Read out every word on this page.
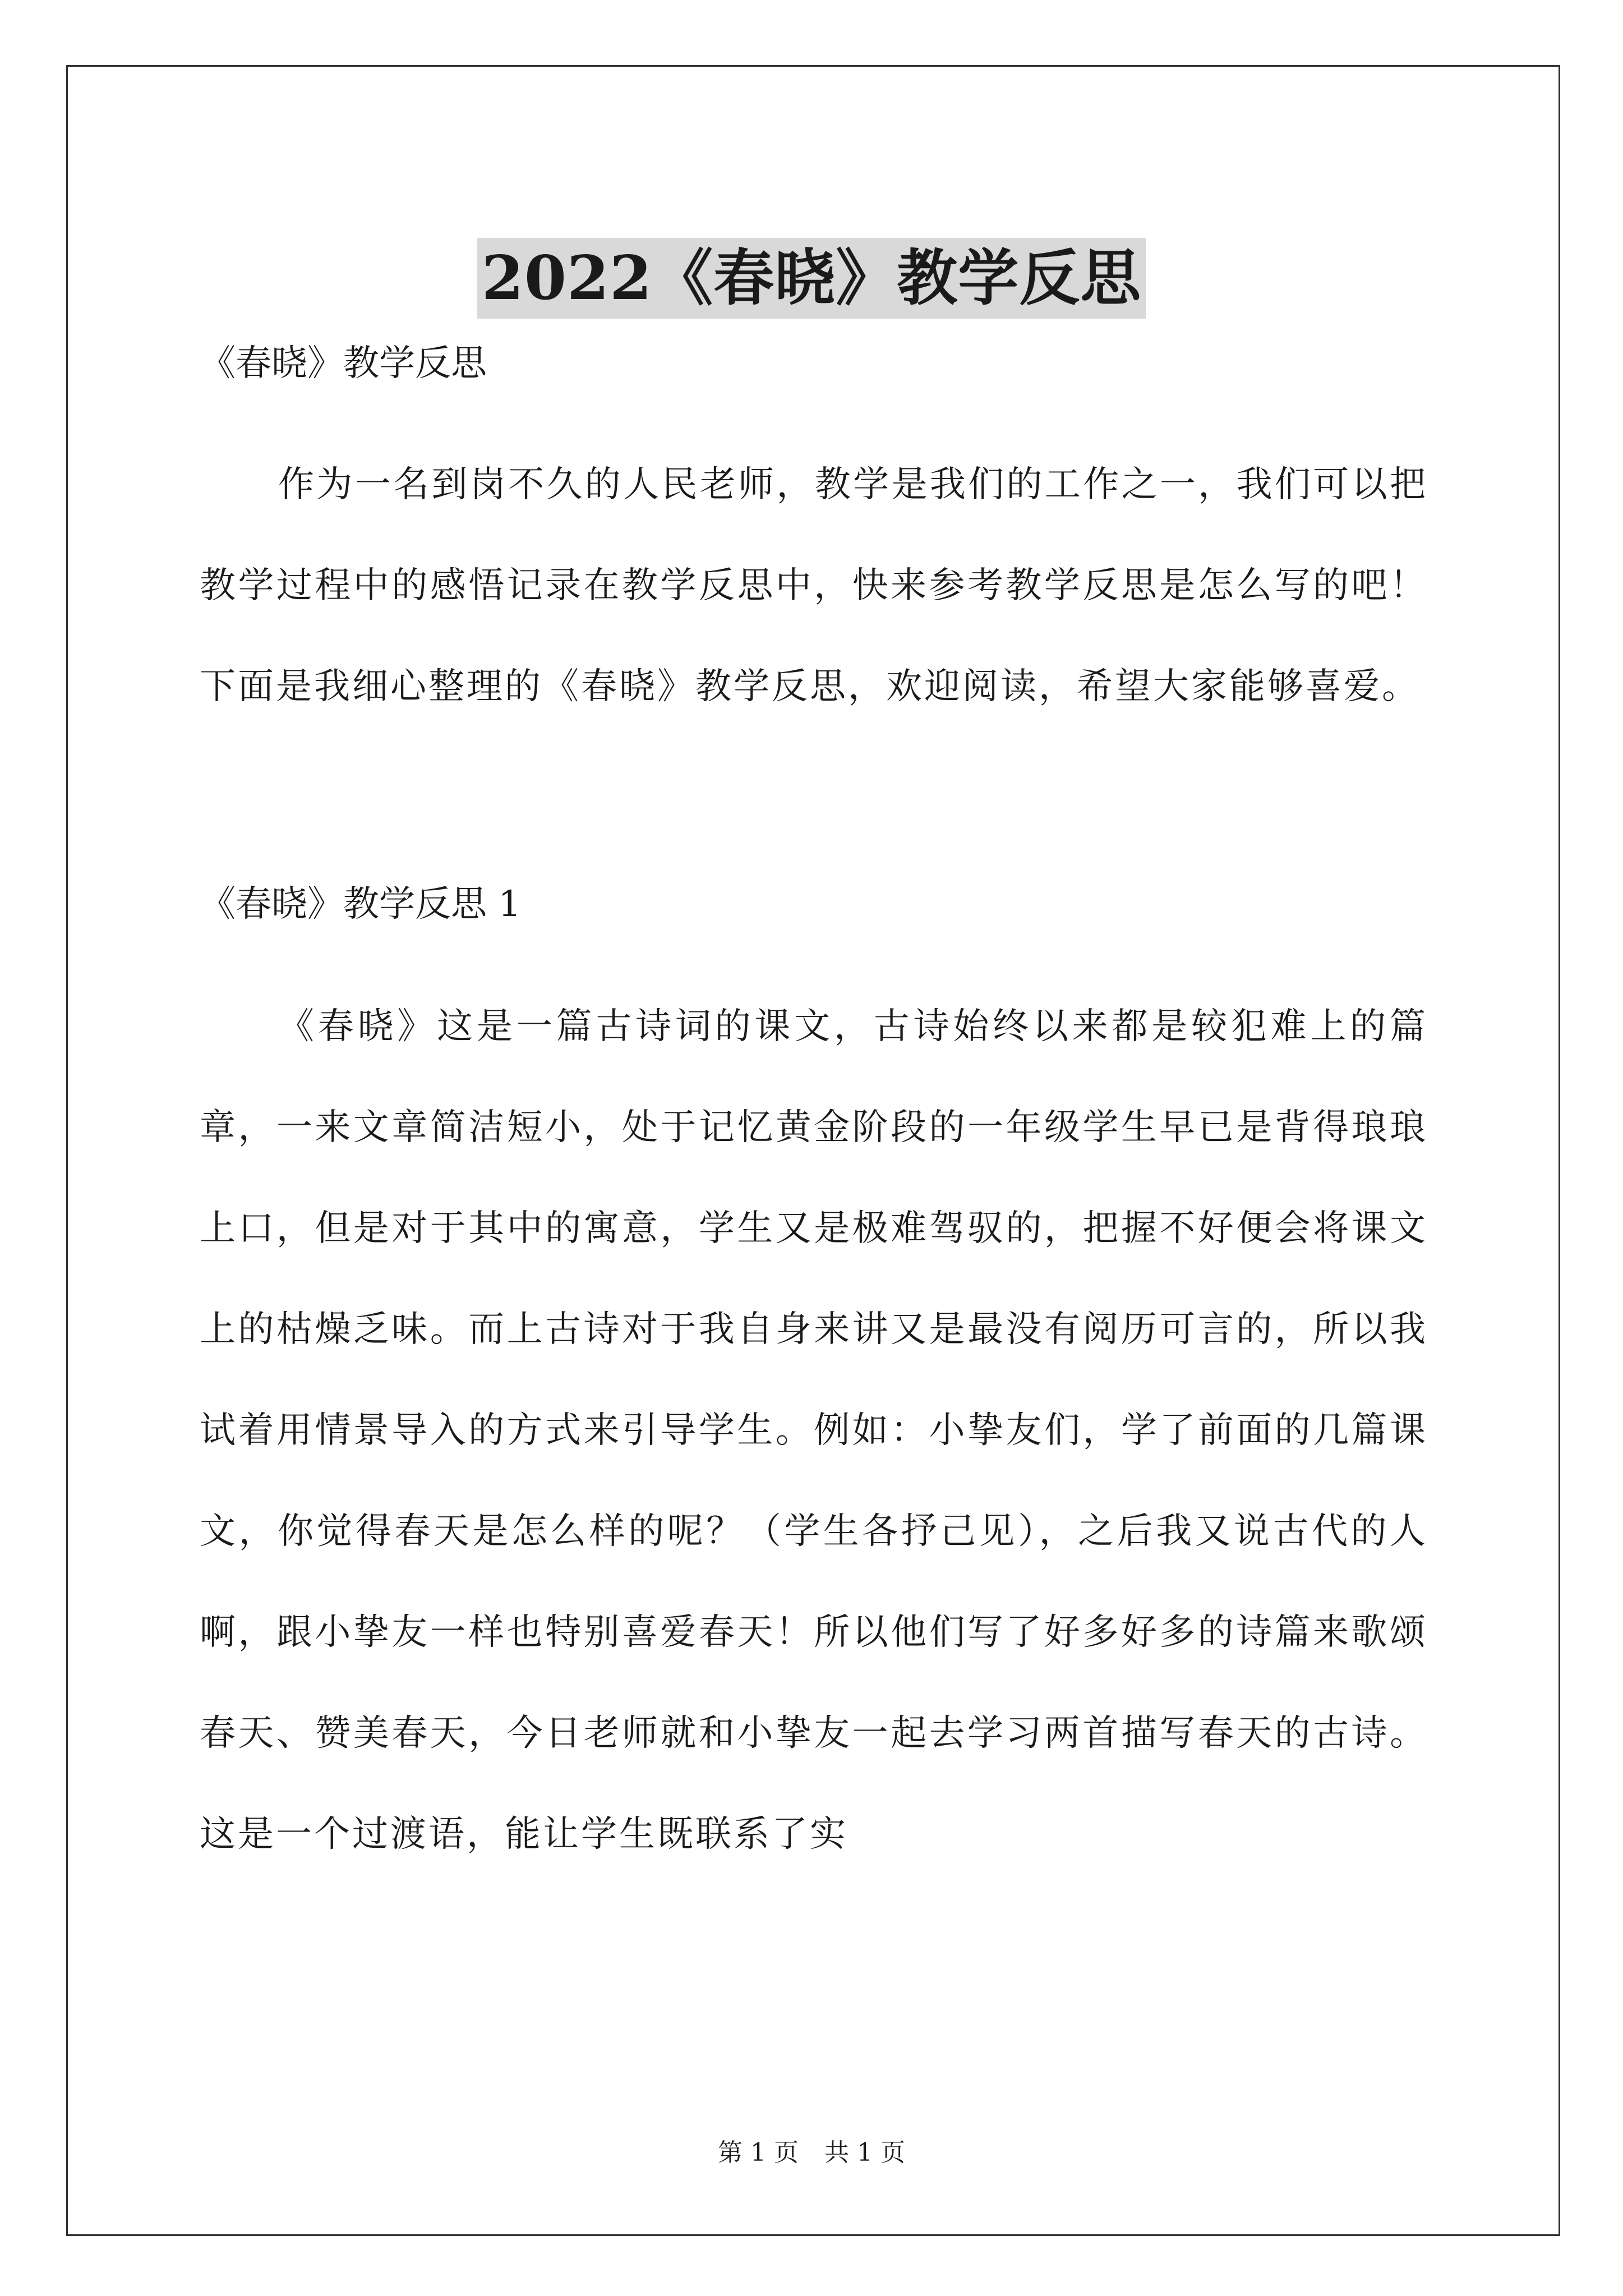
2022《春晓》教学反思

《春晓》教学反思

作为一名到岗不久的人民老师，教学是我们的工作之一，我们可以把教学过程中的感悟记录在教学反思中，快来参考教学反思是怎么写的吧！下面是我细心整理的《春晓》教学反思，欢迎阅读，希望大家能够喜爱。

《春晓》教学反思 1

《春晓》这是一篇古诗词的课文，古诗始终以来都是较犯难上的篇章，一来文章简洁短小，处于记忆黄金阶段的一年级学生早已是背得琅琅上口，但是对于其中的寓意，学生又是极难驾驭的，把握不好便会将课文上的枯燥乏味。而上古诗对于我自身来讲又是最没有阅历可言的，所以我试着用情景导入的方式来引导学生。例如：小挚友们，学了前面的几篇课文，你觉得春天是怎么样的呢？（学生各抒己见），之后我又说古代的人啊，跟小挚友一样也特别喜爱春天！所以他们写了好多好多的诗篇来歌颂春天、赞美春天，今日老师就和小挚友一起去学习两首描写春天的古诗。这是一个过渡语，能让学生既联系了实

第 1 页 共 1 页
